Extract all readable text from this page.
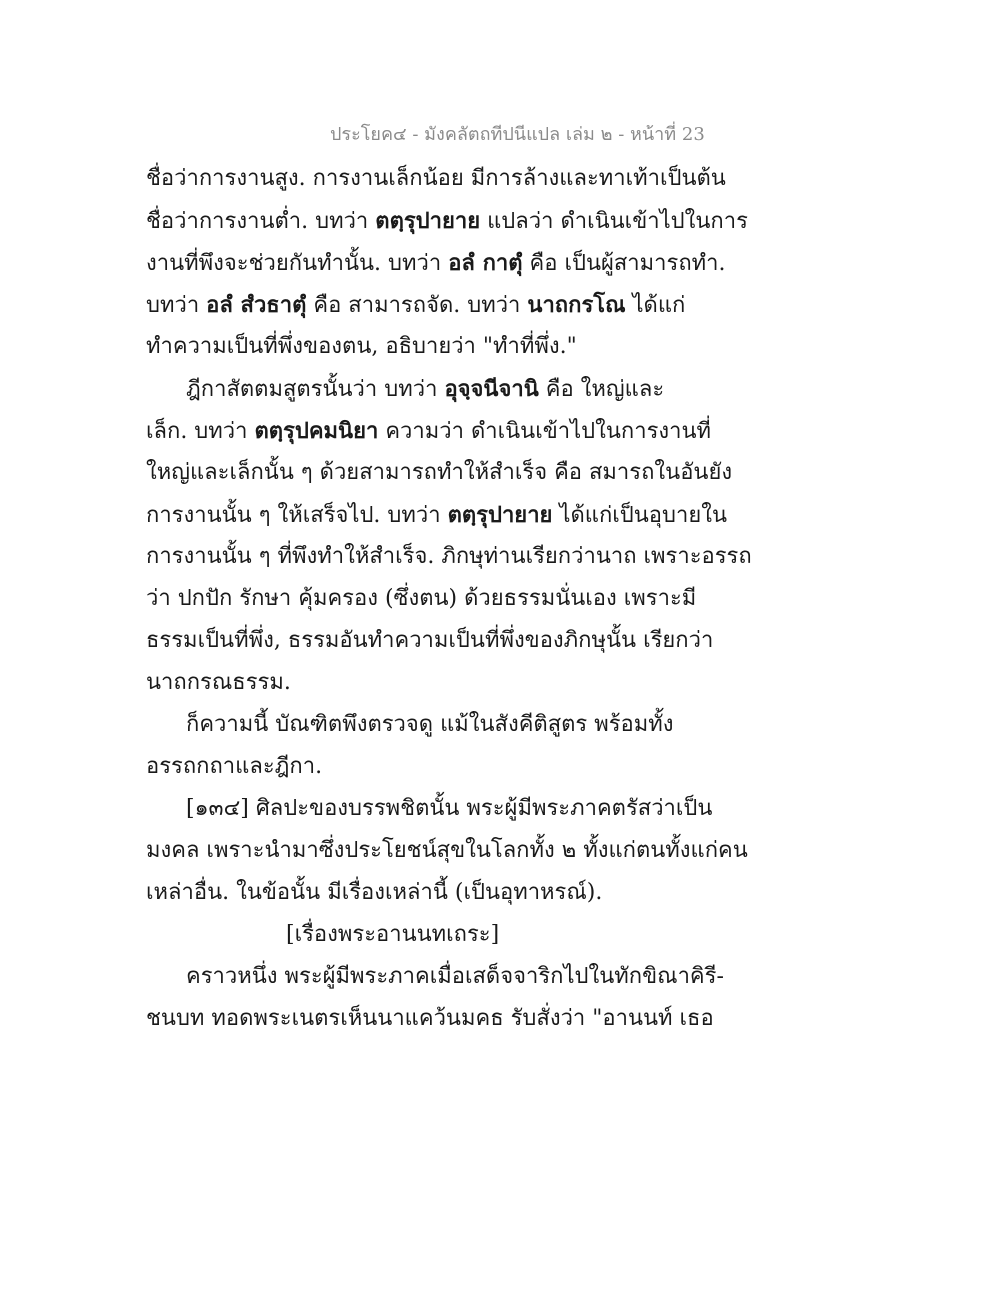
ประโยค๔ - มังคลัตถทีปนีแปล เล่ม ๒ - หน้าที่ 23
ชื่อว่าการงานสูง. การงานเล็กน้อย มีการล้างและทาเท้าเป็นต้น
ชื่อว่าการงานต่ำ. บทว่า ตตฺรุปายาย แปลว่า ดำเนินเข้าไปในการ
งานที่พึงจะช่วยกันทำนั้น. บทว่า อลํ กาตุํ คือ เป็นผู้สามารถทำ.
บทว่า อลํ สํวธาตุํ คือ สามารถจัด. บทว่า นาถกรโณ ได้แก่
ทำความเป็นที่พึ่งของตน, อธิบายว่า "ทำที่พึ่ง."
ฎีกาสัตตมสูตรนั้นว่า บทว่า อุจฺจนีจานิ คือ ใหญ่และ
เล็ก. บทว่า ตตฺรุปคมนิยา ความว่า ดำเนินเข้าไปในการงานที่
ใหญ่และเล็กนั้น ๆ ด้วยสามารถทำให้สำเร็จ คือ สมารถในอันยัง
การงานนั้น ๆ ให้เสร็จไป. บทว่า ตตฺรุปายาย ได้แก่เป็นอุบายใน
การงานนั้น ๆ ที่พึงทำให้สำเร็จ. ภิกษุท่านเรียกว่านาถ เพราะอรรถ
ว่า ปกปัก รักษา คุ้มครอง (ซึ่งตน) ด้วยธรรมนั่นเอง เพราะมี
ธรรมเป็นที่พึ่ง, ธรรมอันทำความเป็นที่พึ่งของภิกษุนั้น เรียกว่า
นาถกรณธรรม.
ก็ความนี้ บัณฑิตพึงตรวจดู แม้ในสังคีติสูตร พร้อมทั้ง
อรรถกถาและฎีกา.
[๑๓๔] ศิลปะของบรรพชิตนั้น พระผู้มีพระภาคตรัสว่าเป็น
มงคล เพราะนำมาซึ่งประโยชน์สุขในโลกทั้ง ๒ ทั้งแก่ตนทั้งแก่คน
เหล่าอื่น. ในข้อนั้น มีเรื่องเหล่านี้ (เป็นอุทาหรณ์).
[เรื่องพระอานนทเถระ]
คราวหนึ่ง พระผู้มีพระภาคเมื่อเสด็จจาริกไปในทักขิณาคิรี-
ชนบท ทอดพระเนตรเห็นนาแคว้นมคธ รับสั่งว่า "อานนท์ เธอ
